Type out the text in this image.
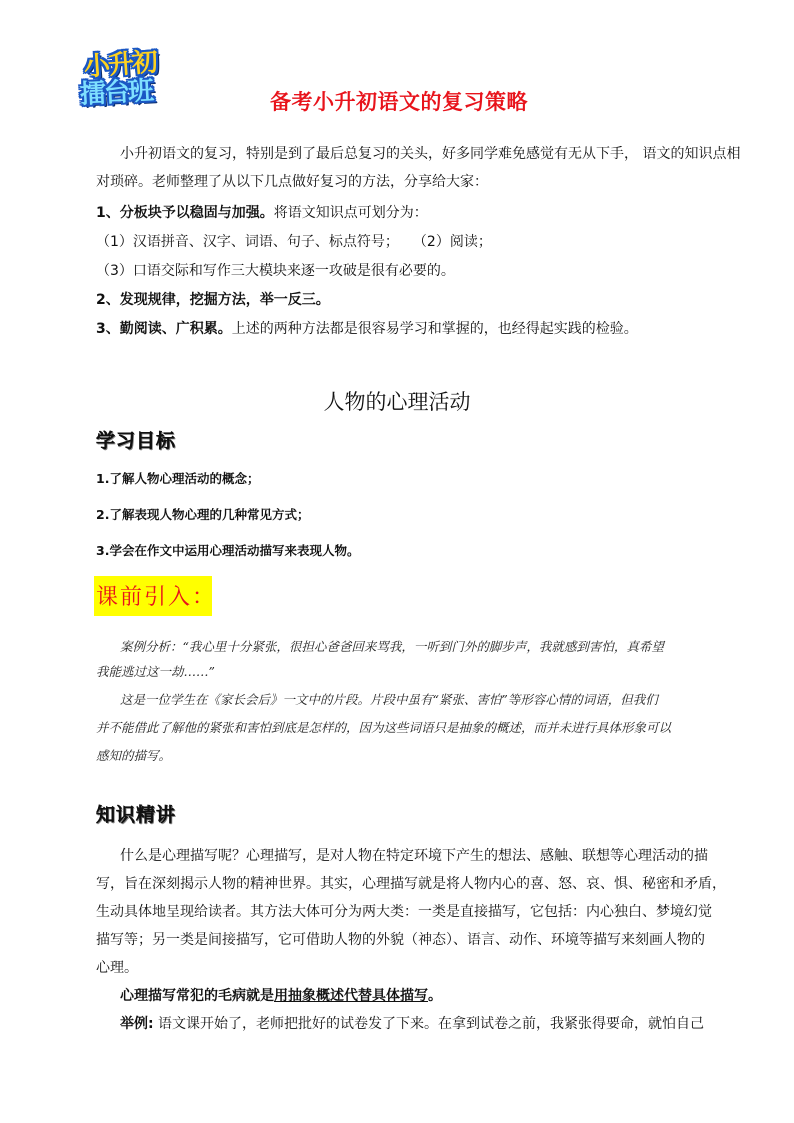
小升初
擂台班	备考小升初语文的复习策略
小升初语文的复习，特别是到了最后总复习的关头，好多同学难免感觉有无从下手， 语文的知识点相
对琐碎。老师整理了从以下几点做好复习的方法，分享给大家：
1、分板块予以稳固与加强。将语文知识点可划分为：
（1）汉语拼音、汉字、词语、句子、标点符号；　　（2）阅读；
（3）口语交际和写作三大模块来逐一攻破是很有必要的。
2、发现规律，挖掘方法，举一反三。
3、勤阅读、广积累。上述的两种方法都是很容易学习和掌握的，也经得起实践的检验。
人物的心理活动
学习目标
1.了解人物心理活动的概念；
2.了解表现人物心理的几种常见方式；
3.学会在作文中运用心理活动描写来表现人物。
课前引入：
案例分析：“我心里十分紧张，很担心爸爸回来骂我，一听到门外的脚步声，我就感到害怕，真希望
我能逃过这一劫……”
这是一位学生在《家长会后》一文中的片段。片段中虽有“紧张、害怕”等形容心情的词语，但我们
并不能借此了解他的紧张和害怕到底是怎样的，因为这些词语只是抽象的概述，而并未进行具体形象可以
感知的描写。
知识精讲
什么是心理描写呢？心理描写，是对人物在特定环境下产生的想法、感触、联想等心理活动的描
写，旨在深刻揭示人物的精神世界。其实，心理描写就是将人物内心的喜、怒、哀、惧、秘密和矛盾，
生动具体地呈现给读者。其方法大体可分为两大类：一类是直接描写，它包括：内心独白、梦境幻觉
描写等；另一类是间接描写，它可借助人物的外貌（神态）、语言、动作、环境等描写来刻画人物的
心理。
心理描写常犯的毛病就是用抽象概述代替具体描写。
举例: 语文课开始了，老师把批好的试卷发了下来。在拿到试卷之前，我紧张得要命，就怕自己
